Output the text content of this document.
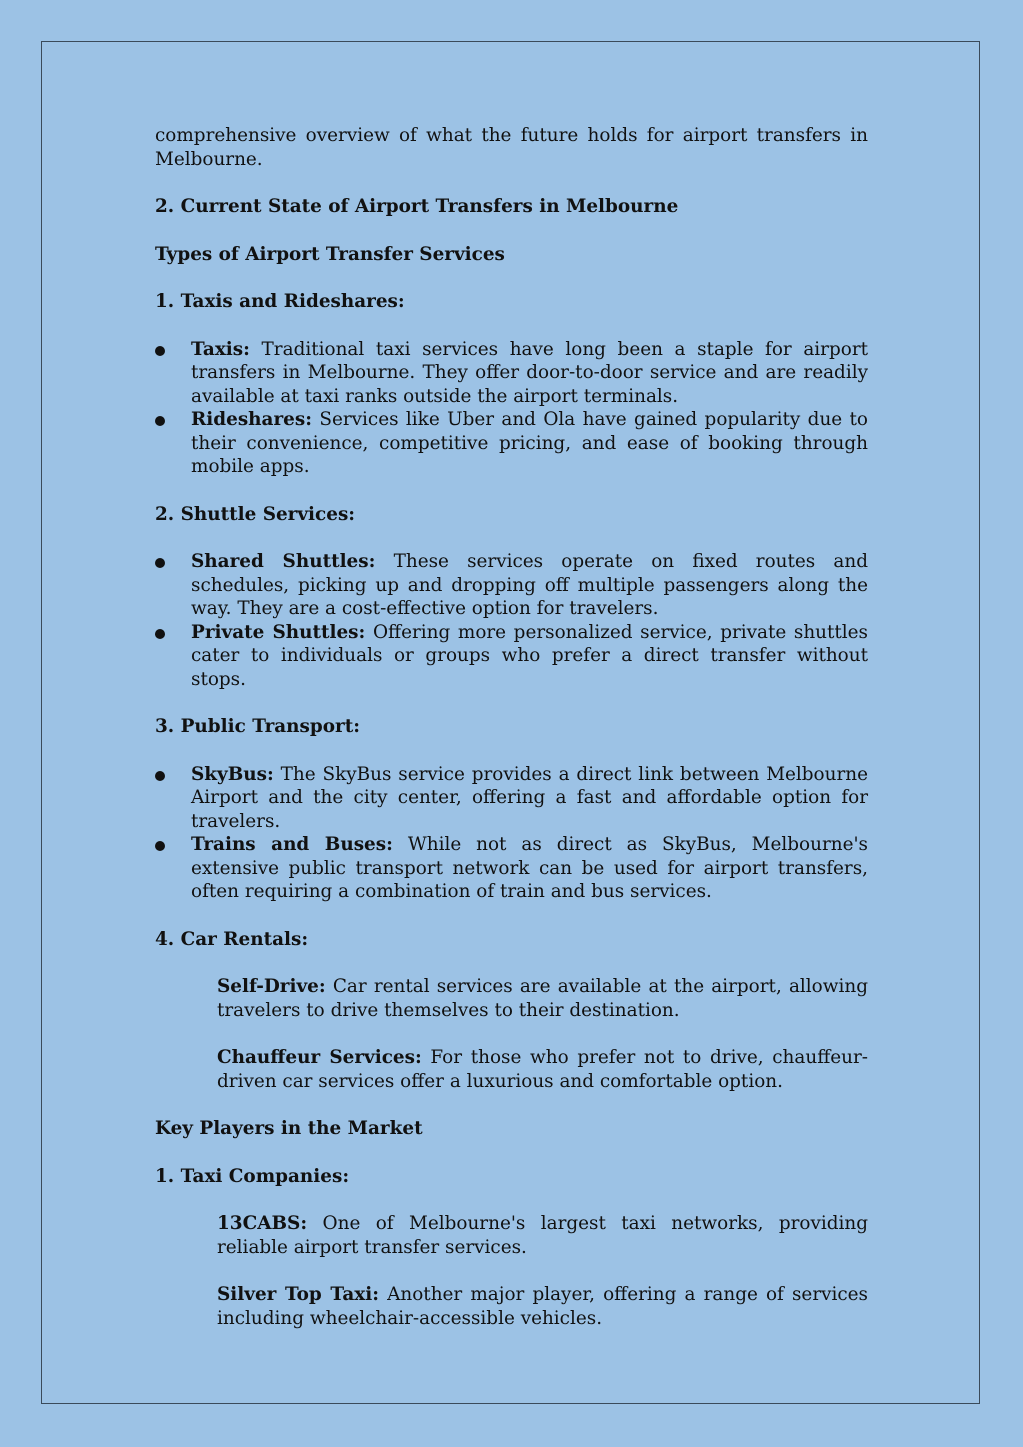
comprehensive overview of what the future holds for airport transfers in Melbourne.

2. Current State of Airport Transfers in Melbourne

Types of Airport Transfer Services

1. Taxis and Rideshares:

Taxis: Traditional taxi services have long been a staple for airport transfers in Melbourne. They offer door-to-door service and are readily available at taxi ranks outside the airport terminals.
Rideshares: Services like Uber and Ola have gained popularity due to their convenience, competitive pricing, and ease of booking through mobile apps.

2. Shuttle Services:

Shared Shuttles: These services operate on fixed routes and schedules, picking up and dropping off multiple passengers along the way. They are a cost-effective option for travelers.
Private Shuttles: Offering more personalized service, private shuttles cater to individuals or groups who prefer a direct transfer without stops.

3. Public Transport:

SkyBus: The SkyBus service provides a direct link between Melbourne Airport and the city center, offering a fast and affordable option for travelers.
Trains and Buses: While not as direct as SkyBus, Melbourne's extensive public transport network can be used for airport transfers, often requiring a combination of train and bus services.

4. Car Rentals:

Self-Drive: Car rental services are available at the airport, allowing travelers to drive themselves to their destination.

Chauffeur Services: For those who prefer not to drive, chauffeur-driven car services offer a luxurious and comfortable option.

Key Players in the Market

1. Taxi Companies:

13CABS: One of Melbourne's largest taxi networks, providing reliable airport transfer services.

Silver Top Taxi: Another major player, offering a range of services including wheelchair-accessible vehicles.
